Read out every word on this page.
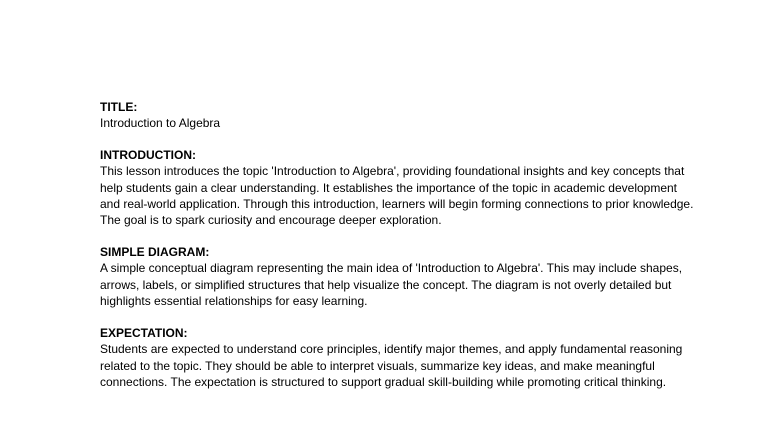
TITLE:

Introduction to Algebra

INTRODUCTION:

This lesson introduces the topic 'Introduction to Algebra', providing foundational insights and key concepts that help students gain a clear understanding. It establishes the importance of the topic in academic development and real-world application. Through this introduction, learners will begin forming connections to prior knowledge. The goal is to spark curiosity and encourage deeper exploration.

SIMPLE DIAGRAM:

A simple conceptual diagram representing the main idea of 'Introduction to Algebra'. This may include shapes, arrows, labels, or simplified structures that help visualize the concept. The diagram is not overly detailed but highlights essential relationships for easy learning.

EXPECTATION:

Students are expected to understand core principles, identify major themes, and apply fundamental reasoning related to the topic. They should be able to interpret visuals, summarize key ideas, and make meaningful connections. The expectation is structured to support gradual skill-building while promoting critical thinking.
